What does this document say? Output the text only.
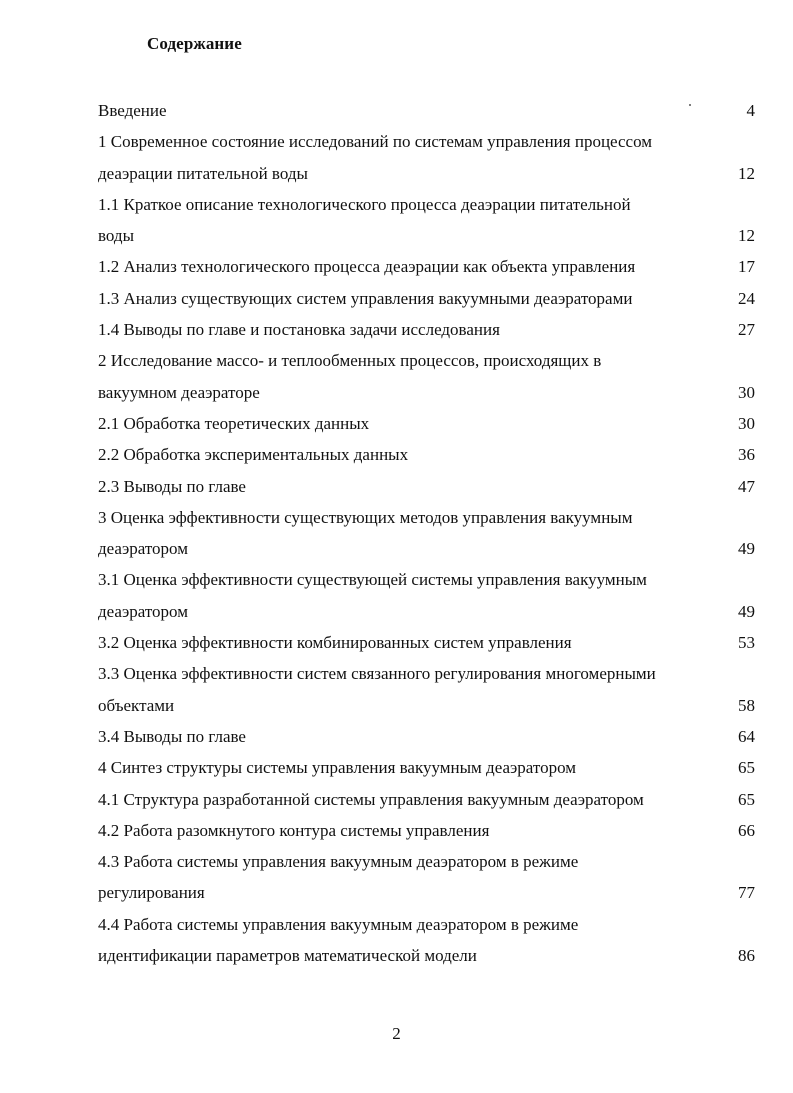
Содержание
Введение	4
1 Современное состояние исследований по системам управления процессом
деаэрации питательной воды	12
1.1 Краткое описание технологического процесса деаэрации питательной
воды	12
1.2 Анализ технологического процесса деаэрации как объекта управления	17
1.3 Анализ существующих систем управления вакуумными деаэраторами	24
1.4 Выводы по главе и постановка задачи исследования	27
2 Исследование массо- и теплообменных процессов, происходящих в
вакуумном деаэраторе	30
2.1 Обработка теоретических данных	30
2.2 Обработка экспериментальных данных	36
2.3 Выводы по главе	47
3 Оценка эффективности существующих методов управления вакуумным
деаэратором	49
3.1 Оценка эффективности существующей системы управления вакуумным
деаэратором	49
3.2 Оценка эффективности комбинированных систем управления	53
3.3 Оценка эффективности систем связанного регулирования многомерными
объектами	58
3.4 Выводы по главе	64
4 Синтез структуры системы управления вакуумным деаэратором	65
4.1 Структура разработанной системы управления вакуумным деаэратором	65
4.2 Работа разомкнутого контура системы управления	66
4.3 Работа системы управления вакуумным деаэратором в режиме
регулирования	77
4.4 Работа системы управления вакуумным деаэратором в режиме
идентификации параметров математической модели	86
2
